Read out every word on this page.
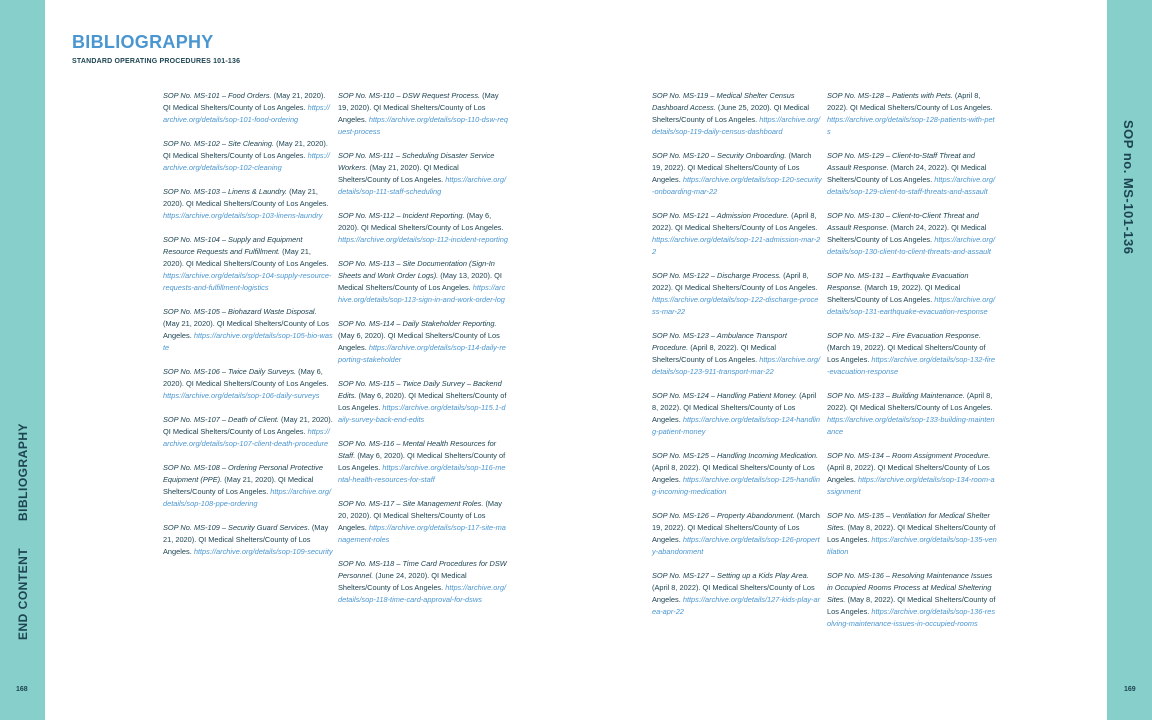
BIBLIOGRAPHY
END CONTENT
SOP no. MS-101-136
168	169
BIBLIOGRAPHY
STANDARD OPERATING PROCEDURES 101-136

SOP No. MS-101 – Food Orders. (May 21, 2020). QI Medical Shelters/County of Los Angeles. https://archive.org/details/sop-101-food-ordering

SOP No. MS-102 – Site Cleaning. (May 21, 2020). QI Medical Shelters/County of Los Angeles. https://archive.org/details/sop-102-cleaning

SOP No. MS-103 – Linens & Laundry. (May 21, 2020). QI Medical Shelters/County of Los Angeles. https://archive.org/details/sop-103-linens-laundry

SOP No. MS-104 – Supply and Equipment Resource Requests and Fulfillment. (May 21, 2020). QI Medical Shelters/County of Los Angeles. https://archive.org/details/sop-104-supply-resource-requests-and-fulfillment-logistics

SOP No. MS-105 – Biohazard Waste Disposal. (May 21, 2020). QI Medical Shelters/County of Los Angeles. https://archive.org/details/sop-105-bio-waste

SOP No. MS-106 – Twice Daily Surveys. (May 6, 2020). QI Medical Shelters/County of Los Angeles. https://archive.org/details/sop-106-daily-surveys

SOP No. MS-107 – Death of Client. (May 21, 2020). QI Medical Shelters/County of Los Angeles. https://archive.org/details/sop-107-client-death-procedure

SOP No. MS-108 – Ordering Personal Protective Equipment (PPE). (May 21, 2020). QI Medical Shelters/County of Los Angeles. https://archive.org/details/sop-108-ppe-ordering

SOP No. MS-109 – Security Guard Services. (May 21, 2020). QI Medical Shelters/County of Los Angeles. https://archive.org/details/sop-109-security

SOP No. MS-110 – DSW Request Process. (May 19, 2020). QI Medical Shelters/County of Los Angeles. https://archive.org/details/sop-110-dsw-request-process

SOP No. MS-111 – Scheduling Disaster Service Workers. (May 21, 2020). QI Medical Shelters/County of Los Angeles. https://archive.org/details/sop-111-staff-scheduling

SOP No. MS-112 – Incident Reporting. (May 6, 2020). QI Medical Shelters/County of Los Angeles. https://archive.org/details/sop-112-incident-reporting

SOP No. MS-113 – Site Documentation (Sign-In Sheets and Work Order Logs). (May 13, 2020). QI Medical Shelters/County of Los Angeles. https://archive.org/details/sop-113-sign-in-and-work-order-log

SOP No. MS-114 – Daily Stakeholder Reporting. (May 6, 2020). QI Medical Shelters/County of Los Angeles. https://archive.org/details/sop-114-daily-reporting-stakeholder

SOP No. MS-115 – Twice Daily Survey – Backend Edits. (May 6, 2020). QI Medical Shelters/County of Los Angeles. https://archive.org/details/sop-115.1-daily-survey-back-end-edits

SOP No. MS-116 – Mental Health Resources for Staff. (May 6, 2020). QI Medical Shelters/County of Los Angeles. https://archive.org/details/sop-116-mental-health-resources-for-staff

SOP No. MS-117 – Site Management Roles. (May 20, 2020). QI Medical Shelters/County of Los Angeles. https://archive.org/details/sop-117-site-management-roles

SOP No. MS-118 – Time Card Procedures for DSW Personnel. (June 24, 2020). QI Medical Shelters/County of Los Angeles. https://archive.org/details/sop-118-time-card-approval-for-dsws

SOP No. MS-119 – Medical Shelter Census Dashboard Access. (June 25, 2020). QI Medical Shelters/County of Los Angeles. https://archive.org/details/sop-119-daily-census-dashboard

SOP No. MS-120 – Security Onboarding. (March 19, 2022). QI Medical Shelters/County of Los Angeles. https://archive.org/details/sop-120-security-onboarding-mar-22

SOP No. MS-121 – Admission Procedure. (April 8, 2022). QI Medical Shelters/County of Los Angeles. https://archive.org/details/sop-121-admission-mar-22

SOP No. MS-122 – Discharge Process. (April 8, 2022). QI Medical Shelters/County of Los Angeles. https://archive.org/details/sop-122-discharge-process-mar-22

SOP No. MS-123 – Ambulance Transport Procedure. (April 8, 2022). QI Medical Shelters/County of Los Angeles. https://archive.org/details/sop-123-911-transport-mar-22

SOP No. MS-124 – Handling Patient Money. (April 8, 2022). QI Medical Shelters/County of Los Angeles. https://archive.org/details/sop-124-handling-patient-money

SOP No. MS-125 – Handling Incoming Medication. (April 8, 2022). QI Medical Shelters/County of Los Angeles. https://archive.org/details/sop-125-handling-incoming-medication

SOP No. MS-126 – Property Abandonment. (March 19, 2022). QI Medical Shelters/County of Los Angeles. https://archive.org/details/sop-126-property-abandonment

SOP No. MS-127 – Setting up a Kids Play Area. (April 8, 2022). QI Medical Shelters/County of Los Angeles. https://archive.org/details/127-kids-play-area-apr-22

SOP No. MS-128 – Patients with Pets. (April 8, 2022). QI Medical Shelters/County of Los Angeles. https://archive.org/details/sop-128-patients-with-pets

SOP No. MS-129 – Client-to-Staff Threat and Assault Response. (March 24, 2022). QI Medical Shelters/County of Los Angeles. https://archive.org/details/sop-129-client-to-staff-threats-and-assault

SOP No. MS-130 – Client-to-Client Threat and Assault Response. (March 24, 2022). QI Medical Shelters/County of Los Angeles. https://archive.org/details/sop-130-client-to-client-threats-and-assault

SOP No. MS-131 – Earthquake Evacuation Response. (March 19, 2022). QI Medical Shelters/County of Los Angeles. https://archive.org/details/sop-131-earthquake-evacuation-response

SOP No. MS-132 – Fire Evacuation Response. (March 19, 2022). QI Medical Shelters/County of Los Angeles. https://archive.org/details/sop-132-fire-evacuation-response

SOP No. MS-133 – Building Maintenance. (April 8, 2022). QI Medical Shelters/County of Los Angeles. https://archive.org/details/sop-133-building-maintenance

SOP No. MS-134 – Room Assignment Procedure. (April 8, 2022). QI Medical Shelters/County of Los Angeles. https://archive.org/details/sop-134-room-assignment

SOP No. MS-135 – Ventilation for Medical Shelter Sites. (May 8, 2022). QI Medical Shelters/County of Los Angeles. https://archive.org/details/sop-135-ventilation

SOP No. MS-136 – Resolving Maintenance Issues in Occupied Rooms Process at Medical Sheltering Sites. (May 8, 2022). QI Medical Shelters/County of Los Angeles. https://archive.org/details/sop-136-resolving-maintenance-issues-in-occupied-rooms
